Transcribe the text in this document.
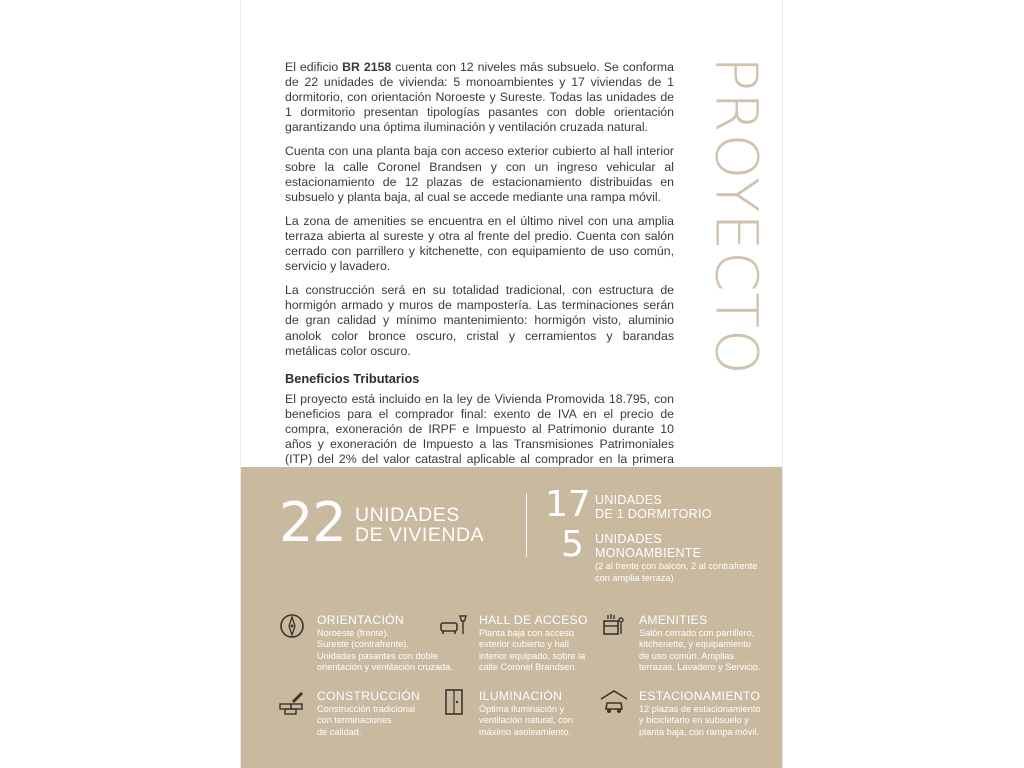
PROYECTO

El edificio BR 2158 cuenta con 12 niveles más subsuelo. Se conforma de 22 unidades de vivienda: 5 monoambientes y 17 viviendas de 1 dormitorio, con orientación Noroeste y Sureste. Todas las unidades de 1 dormitorio presentan tipologías pasantes con doble orientación garantizando una óptima iluminación y ventilación cruzada natural.

Cuenta con una planta baja con acceso exterior cubierto al hall interior sobre la calle Coronel Brandsen y con un ingreso vehicular al estacionamiento de 12 plazas de estacionamiento distribuidas en subsuelo y planta baja, al cual se accede mediante una rampa móvil.

La zona de amenities se encuentra en el último nivel con una amplia terraza abierta al sureste y otra al frente del predio. Cuenta con salón cerrado con parrillero y kitchenette, con equipamiento de uso común, servicio y lavadero.

La construcción será en su totalidad tradicional, con estructura de hormigón armado y muros de mampostería. Las terminaciones serán de gran calidad y mínimo mantenimiento: hormigón visto, aluminio anolok color bronce oscuro, cristal y cerramientos y barandas metálicas color oscuro.

Beneficios Tributarios

El proyecto está incluido en la ley de Vivienda Promovida 18.795, con beneficios para el comprador final: exento de IVA en el precio de compra, exoneración de IRPF e Impuesto al Patrimonio durante 10 años y exoneración de Impuesto a las Transmisiones Patrimoniales (ITP) del 2% del valor catastral aplicable al comprador en la primera

22 UNIDADES
DE VIVIENDA
17 UNIDADES
DE 1 DORMITORIO
5 UNIDADES
MONOAMBIENTE
(2 al frente con balcón, 2 al contrafrente con amplia terraza)
ORIENTACIÓN
Noroeste (frente).
Sureste (contrafrente).
Unidades pasantes con doble
orientación y ventilación cruzada.
HALL DE ACCESO
Planta baja con acceso
exterior cubierto y hall
interior equipado, sobre la
calle Coronel Brandsen.
AMENITIES
Salón cerrado con parrillero,
kitchenette, y equipamiento
de uso común. Amplias
terrazas. Lavadero y Servicio.
CONSTRUCCIÓN
Construcción tradicional
con terminaciones
de calidad.
ILUMINACIÓN
Óptima iluminación y
ventilación natural, con
máximo asoleamiento.
ESTACIONAMIENTO
12 plazas de estacionamiento
y bicicletario en subsuelo y
planta baja, con rampa móvil.
